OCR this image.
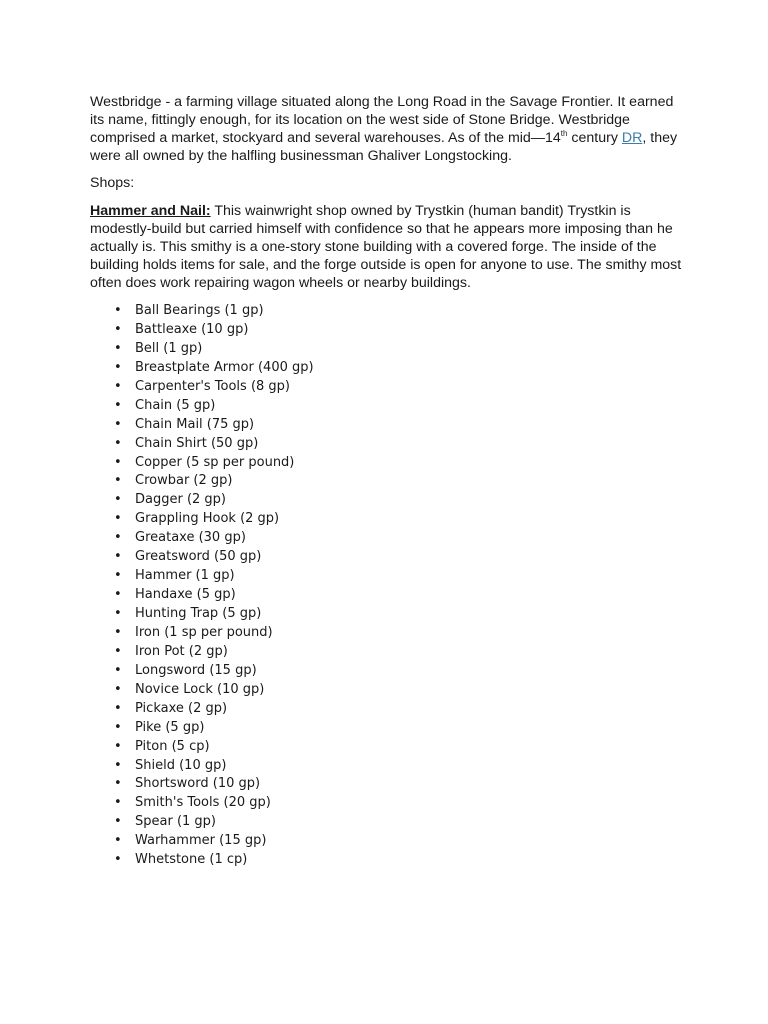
Westbridge - a farming village situated along the Long Road in the Savage Frontier. It earned its name, fittingly enough, for its location on the west side of Stone Bridge. Westbridge comprised a market, stockyard and several warehouses. As of the mid—14th century DR, they were all owned by the halfling businessman Ghaliver Longstocking.

Shops:

Hammer and Nail: This wainwright shop owned by Trystkin (human bandit) Trystkin is modestly-build but carried himself with confidence so that he appears more imposing than he actually is. This smithy is a one-story stone building with a covered forge. The inside of the building holds items for sale, and the forge outside is open for anyone to use. The smithy most often does work repairing wagon wheels or nearby buildings.

• Ball Bearings (1 gp)
• Battleaxe (10 gp)
• Bell (1 gp)
• Breastplate Armor (400 gp)
• Carpenter's Tools (8 gp)
• Chain (5 gp)
• Chain Mail (75 gp)
• Chain Shirt (50 gp)
• Copper (5 sp per pound)
• Crowbar (2 gp)
• Dagger (2 gp)
• Grappling Hook (2 gp)
• Greataxe (30 gp)
• Greatsword (50 gp)
• Hammer (1 gp)
• Handaxe (5 gp)
• Hunting Trap (5 gp)
• Iron (1 sp per pound)
• Iron Pot (2 gp)
• Longsword (15 gp)
• Novice Lock (10 gp)
• Pickaxe (2 gp)
• Pike (5 gp)
• Piton (5 cp)
• Shield (10 gp)
• Shortsword (10 gp)
• Smith's Tools (20 gp)
• Spear (1 gp)
• Warhammer (15 gp)
• Whetstone (1 cp)
